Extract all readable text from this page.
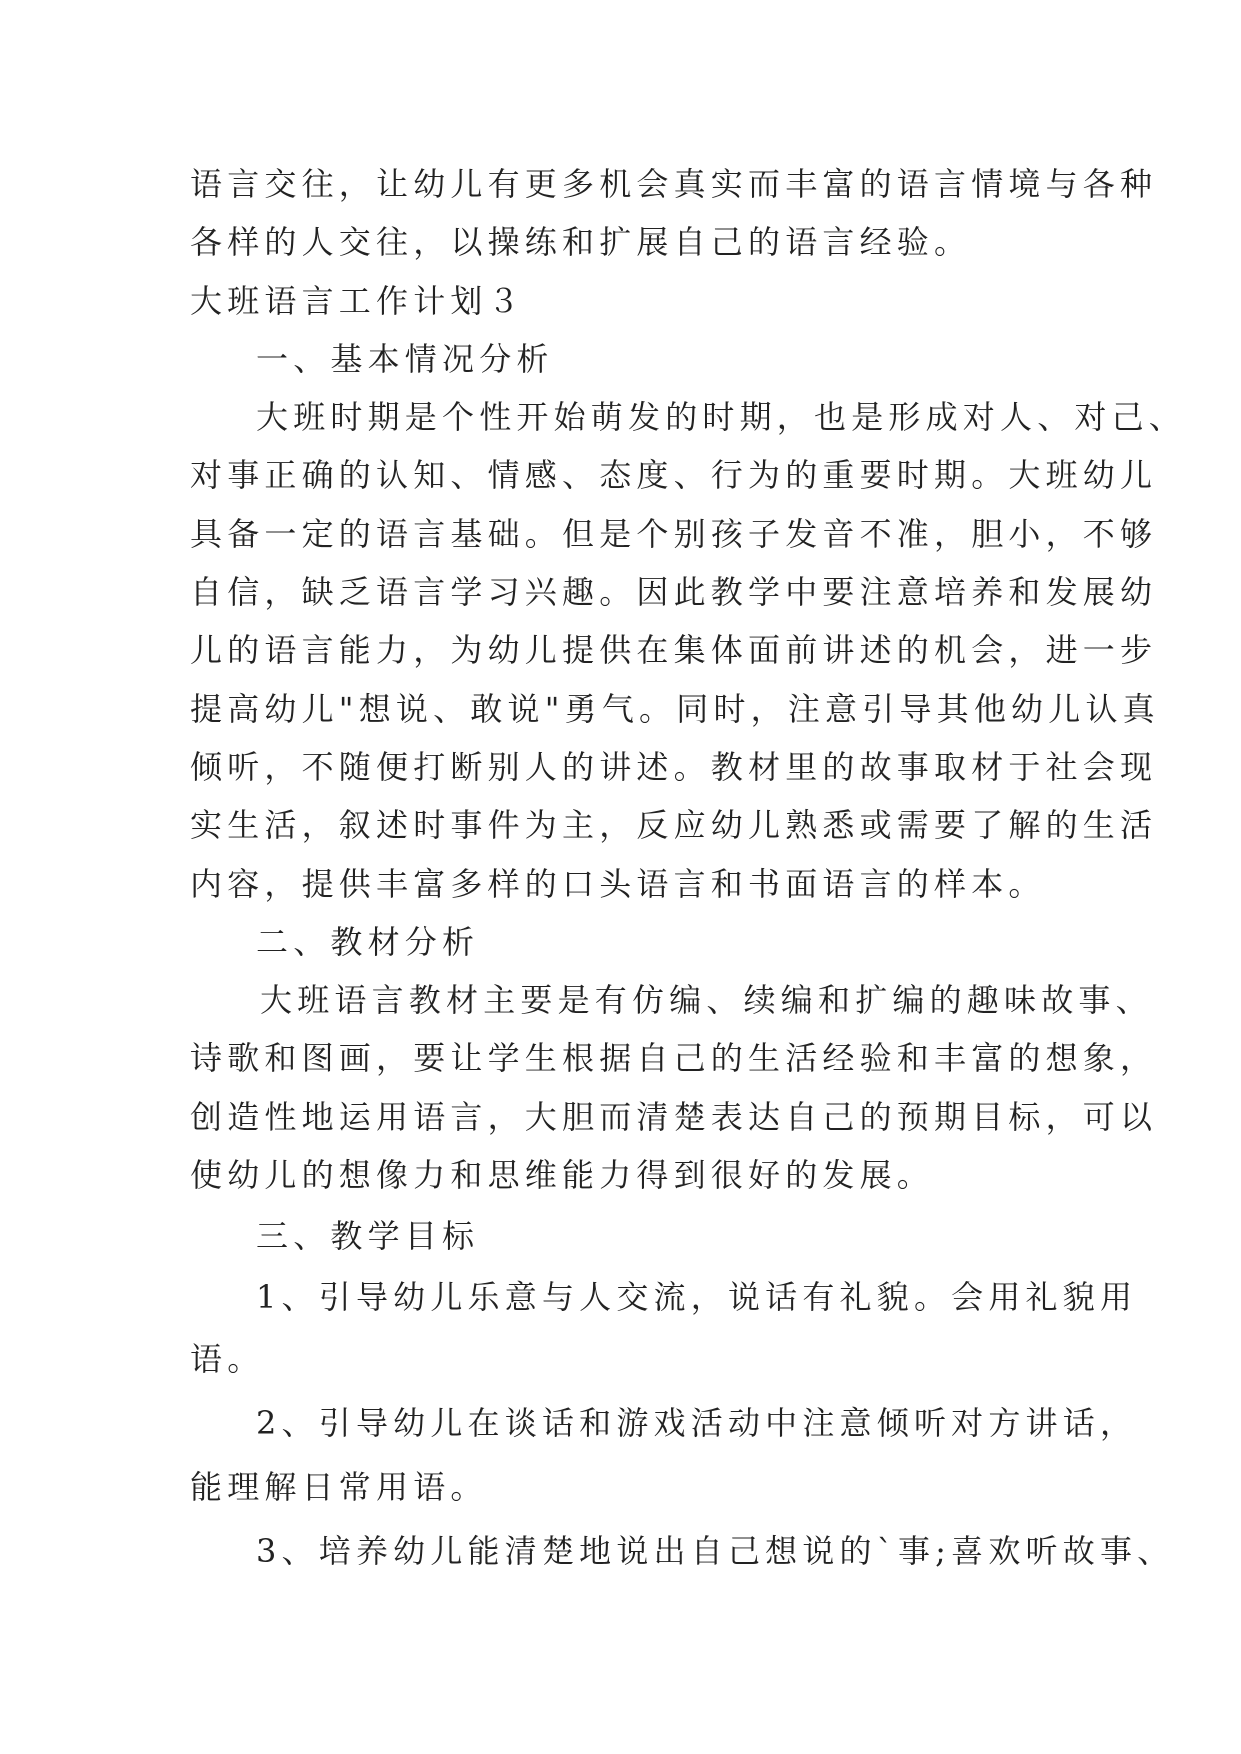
语言交往，让幼儿有更多机会真实而丰富的语言情境与各种
各样的人交往，以操练和扩展自己的语言经验。
大班语言工作计划３
一、基本情况分析
大班时期是个性开始萌发的时期，也是形成对人、对己、
对事正确的认知、情感、态度、行为的重要时期。大班幼儿
具备一定的语言基础。但是个别孩子发音不准，胆小，不够
自信，缺乏语言学习兴趣。因此教学中要注意培养和发展幼
儿的语言能力，为幼儿提供在集体面前讲述的机会，进一步
提高幼儿"想说、敢说"勇气。同时，注意引导其他幼儿认真
倾听，不随便打断别人的讲述。教材里的故事取材于社会现
实生活，叙述时事件为主，反应幼儿熟悉或需要了解的生活
内容，提供丰富多样的口头语言和书面语言的样本。
二、教材分析
大班语言教材主要是有仿编、续编和扩编的趣味故事、
诗歌和图画，要让学生根据自己的生活经验和丰富的想象，
创造性地运用语言，大胆而清楚表达自己的预期目标，可以
使幼儿的想像力和思维能力得到很好的发展。
三、教学目标
1、引导幼儿乐意与人交流，说话有礼貌。会用礼貌用
语。
2、引导幼儿在谈话和游戏活动中注意倾听对方讲话，
能理解日常用语。
3、培养幼儿能清楚地说出自己想说的`事;喜欢听故事、
